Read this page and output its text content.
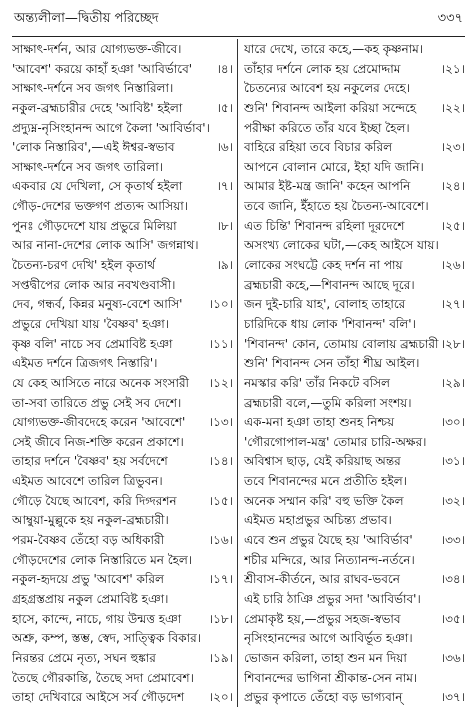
অন্ত্যলীলা—দ্বিতীয় পরিচ্ছেদ	৩৩৭
সাক্ষাৎ-দর্শন, আর যোগ্যভক্ত-জীবে।
'আবেশ' করয়ে কাহাঁ হঞা 'আবির্ভাবে'	।৪।
সাক্ষাৎ-দর্শনে সব জগৎ নিস্তারিলা।
নকুল-ব্রহ্মচারীর দেহে 'আবিষ্ট' হইলা	।৫।
প্রদ্যুম্ন-নৃসিংহানন্দ আগে কৈলা 'আবির্ভাব'।
'লোক নিস্তারিব',—এই ঈশ্বর-স্বভাব	।৬।
সাক্ষাৎ-দর্শনে সব জগৎ তারিলা।
একবার যে দেখিলা, সে কৃতার্থ হইলা	।৭।
গৌড়-দেশের ভক্তগণ প্রত্যব্দ আসিয়া।
পুনঃ গৌড়দেশে যায় প্রভুরে মিলিয়া	।৮।
আর নানা-দেশের লোক আসি' জগন্নাথ।
চৈতন্য-চরণ দেখি' হইল কৃতার্থ	।৯।
সপ্তদ্বীপের লোক আর নবখণ্ডবাসী।
দেব, গন্ধর্ব, কিন্নর মনুষ্য-বেশে আসি'	।১০।
প্রভুরে দেখিয়া যায় 'বৈষ্ণব' হঞা।
কৃষ্ণ বলি' নাচে সব প্রেমাবিষ্ট হঞা	।১১।
এইমত দর্শনে ত্রিজগৎ নিস্তারি'।
যে কেহ আসিতে নারে অনেক সংসারী	।১২।
তা-সবা তারিতে প্রভু সেই সব দেশে।
যোগ্যভক্ত-জীবদেহে করেন 'আবেশে'	।১৩।
সেই জীবে নিজ-শক্তি করেন প্রকাশে।
তাহার দর্শনে 'বৈষ্ণব' হয় সর্বদেশে	।১৪।
এইমত আবেশে তারিল ত্রিভুবন।
গৌড়ে যৈছে আবেশ, করি দিগ্দরশন	।১৫।
আম্বুয়া-মুল্লুকে হয় নকুল-ব্রহ্মচারী।
পরম-বৈষ্ণব তেঁহো বড় অধিকারী	।১৬।
গৌড়দেশের লোক নিস্তারিতে মন হৈল।
নকুল-হৃদয়ে প্রভু 'আবেশ' করিল	।১৭।
গ্রহগ্রস্তপ্রায় নকুল প্রেমাবিষ্ট হঞা।
হাসে, কান্দে, নাচে, গায় উন্মত্ত হঞা	।১৮।
অশ্রু, কম্প, স্তম্ভ, স্বেদ, সাত্ত্বিক বিকার।
নিরন্তর প্রেমে নৃত্য, সঘন হুঙ্কার	।১৯।
তৈছে গৌরকান্তি, তৈছে সদা প্রেমাবেশ।
তাহা দেখিবারে আইসে সর্ব গৌড়দেশ	।২০।
যারে দেখে, তারে কহে,—কহ কৃষ্ণনাম।
তাঁহার দর্শনে লোক হয় প্রেমোদ্দাম	।২১।
চৈতন্যের আবেশ হয় নকুলের দেহে।
শুনি' শিবানন্দ আইলা করিয়া সন্দেহে	।২২।
পরীক্ষা করিতে তাঁর যবে ইচ্ছা হৈল।
বাহিরে রহিয়া তবে বিচার করিল	।২৩।
আপনে বোলান মোরে, ইহা যদি জানি।
আমার ইষ্ট-মন্ত্র জানি' কহেন আপনি	।২৪।
তবে জানি, ইঁহাতে হয় চৈতন্য-আবেশে।
এত চিন্তি' শিবানন্দ রহিলা দূরদেশে	।২৫।
অসংখ্য লোকের ঘটা,—কেহ আইসে যায়।
লোকের সংঘট্টে কেহ দর্শন না পায়	।২৬।
ব্রহ্মচারী কহে,—শিবানন্দ আছে দূরে।
জন দুই-চারি যাহ', বোলাহ তাহারে	।২৭।
চারিদিকে ধায় লোক 'শিবানন্দ' বলি'।
'শিবানন্দ' কোন, তোমায় বোলায় ব্রহ্মচারী ।২৮।
শুনি' শিবানন্দ সেন তাঁহা শীঘ্র আইল।
নমস্কার করি' তাঁর নিকটে বসিল	।২৯।
ব্রহ্মচারী বলে,—তুমি করিলা সংশয়।
এক-মনা হঞা তাহা শুনহ নিশ্চয়	।৩০।
'গৌরগোপাল-মন্ত্র' তোমার চারি-অক্ষর।
অবিশ্বাস ছাড়, যেই করিয়াছ অন্তর	।৩১।
তবে শিবানন্দের মনে প্রতীতি হইল।
অনেক সম্মান করি' বহু ভক্তি কৈল	।৩২।
এইমত মহাপ্রভুর অচিন্ত্য প্রভাব।
এবে শুন প্রভুর যৈছে হয় 'আবির্ভাব'	।৩৩।
শচীর মন্দিরে, আর নিত্যানন্দ-নর্তনে।
শ্রীবাস-কীর্তনে, আর রাঘব-ভবনে	।৩৪।
এই চারি ঠাঞি প্রভুর সদা 'আবির্ভাব'।
প্রেমাকৃষ্ট হয়,—প্রভুর সহজ-স্বভাব	।৩৫।
নৃসিংহানন্দের আগে আবির্ভূত হঞা।
ভোজন করিলা, তাহা শুন মন দিয়া	।৩৬।
শিবানন্দের ভাগিনা শ্রীকান্ত-সেন নাম।
প্রভুর কৃপাতে তেঁহো বড় ভাগ্যবান্	।৩৭।
